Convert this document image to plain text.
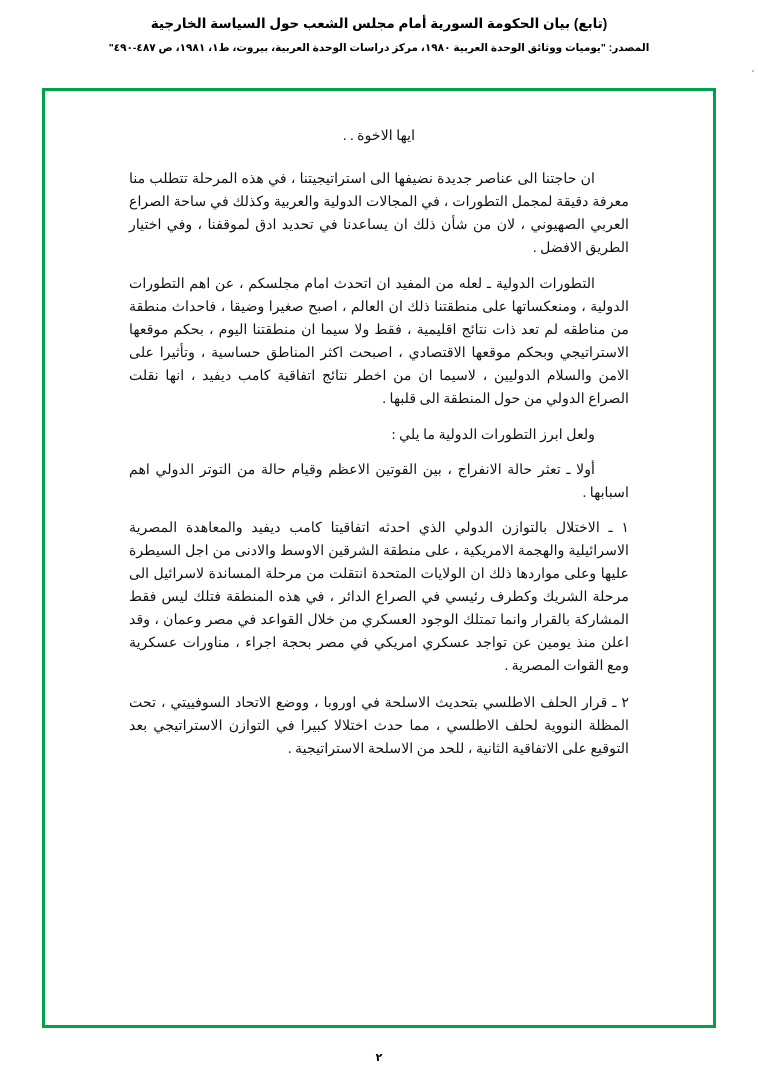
(تابع) بيان الحكومة السورية أمام مجلس الشعب حول السياسة الخارجية
المصدر: "يوميات ووثائق الوحدة العربية ١٩٨٠، مركز دراسات الوحدة العربية، بيروت، ط١، ١٩٨١، ص ٤٨٧-٤٩٠"

ايها الاخوة . .

ان حاجتنا الى عناصر جديدة نضيفها الى استراتيجيتنا ، في هذه المرحلة تتطلب منا معرفة دقيقة لمجمل التطورات ، في المجالات الدولية والعربية وكذلك في ساحة الصراع العربي الصهيوني ، لان من شأن ذلك ان يساعدنا في تحديد ادق لموقفنا ، وفي اختيار الطريق الافضل .

التطورات الدولية ـ لعله من المفيد ان اتحدث امام مجلسكم ، عن اهم التطورات الدولية ، ومنعكساتها على منطقتنا ذلك ان العالم ، اصبح صغيرا وضيقا ، فاحداث منطقة من مناطقه لم تعد ذات نتائج اقليمية ، فقط ولا سيما ان منطقتنا اليوم ، بحكم موقعها الاستراتيجي وبحكم موقعها الاقتصادي ، اصبحت اكثر المناطق حساسية ، وتأثيرا على الامن والسلام الدوليين ، لاسيما ان من اخطر نتائج اتفاقية كامب ديفيد ، انها نقلت الصراع الدولي من حول المنطقة الى قلبها .

ولعل ابرز التطورات الدولية ما يلي :

أولا ـ تعثر حالة الانفراج ، بين القوتين الاعظم وقيام حالة من التوتر الدولي اهم اسبابها .

١ ـ الاختلال بالتوازن الدولي الذي احدثه اتفاقيتا كامب ديفيد والمعاهدة المصرية الاسرائيلية والهجمة الامريكية ، على منطقة الشرقين الاوسط والادنى من اجل السيطرة عليها وعلى مواردها ذلك ان الولايات المتحدة انتقلت من مرحلة المساندة لاسرائيل الى مرحلة الشريك وكطرف رئيسي في الصراع الدائر ، في هذه المنطقة فتلك ليس فقط المشاركة بالقرار وانما تمتلك الوجود العسكري من خلال القواعد في مصر وعمان ، وقد اعلن منذ يومين عن تواجد عسكري امريكي في مصر بحجة اجراء ، مناورات عسكرية ومع القوات المصرية .

٢ ـ قرار الحلف الاطلسي بتحديث الاسلحة في اوروبا ، ووضع الاتحاد السوفييتي ، تحت المظلة النووية لحلف الاطلسي ، مما حدث اختلالا كبيرا في التوازن الاستراتيجي بعد التوقيع على الاتفاقية الثانية ، للحد من الاسلحة الاستراتيجية .

٢
